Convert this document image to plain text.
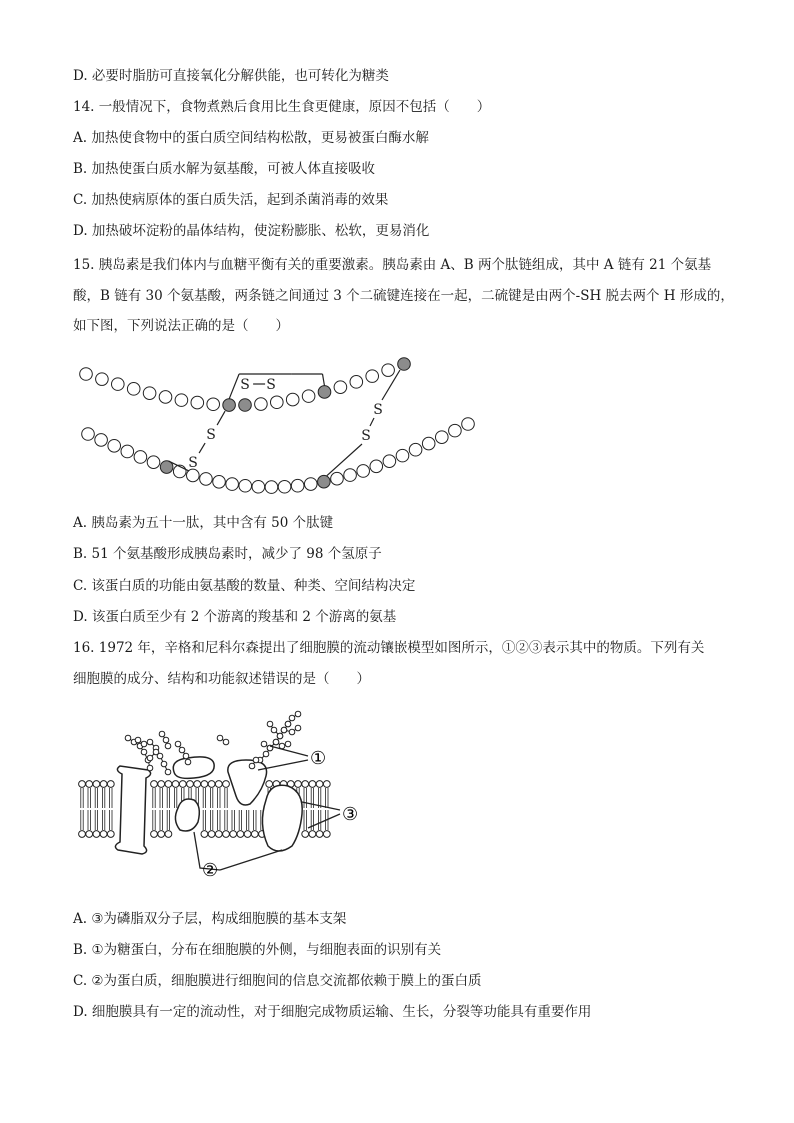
D. 必要时脂肪可直接氧化分解供能，也可转化为糖类
14. 一般情况下，食物煮熟后食用比生食更健康，原因不包括（　　）
A. 加热使食物中的蛋白质空间结构松散，更易被蛋白酶水解
B. 加热使蛋白质水解为氨基酸，可被人体直接吸收
C. 加热使病原体的蛋白质失活，起到杀菌消毒的效果
D. 加热破坏淀粉的晶体结构，使淀粉膨胀、松软，更易消化
15. 胰岛素是我们体内与血糖平衡有关的重要激素。胰岛素由 A、B 两个肽链组成，其中 A 链有 21 个氨基
酸，B 链有 30 个氨基酸，两条链之间通过 3 个二硫键连接在一起，二硫键是由两个-SH 脱去两个 H 形成的，
如下图，下列说法正确的是（　　）
S S
S
S
S
S
A. 胰岛素为五十一肽，其中含有 50 个肽键
B. 51 个氨基酸形成胰岛素时，减少了 98 个氢原子
C. 该蛋白质的功能由氨基酸的数量、种类、空间结构决定
D. 该蛋白质至少有 2 个游离的羧基和 2 个游离的氨基
16. 1972 年，辛格和尼科尔森提出了细胞膜的流动镶嵌模型如图所示，①②③表示其中的物质。下列有关
细胞膜的成分、结构和功能叙述错误的是（　　）
①
③
②
A. ③为磷脂双分子层，构成细胞膜的基本支架
B. ①为糖蛋白，分布在细胞膜的外侧，与细胞表面的识别有关
C. ②为蛋白质，细胞膜进行细胞间的信息交流都依赖于膜上的蛋白质
D. 细胞膜具有一定的流动性，对于细胞完成物质运输、生长，分裂等功能具有重要作用
